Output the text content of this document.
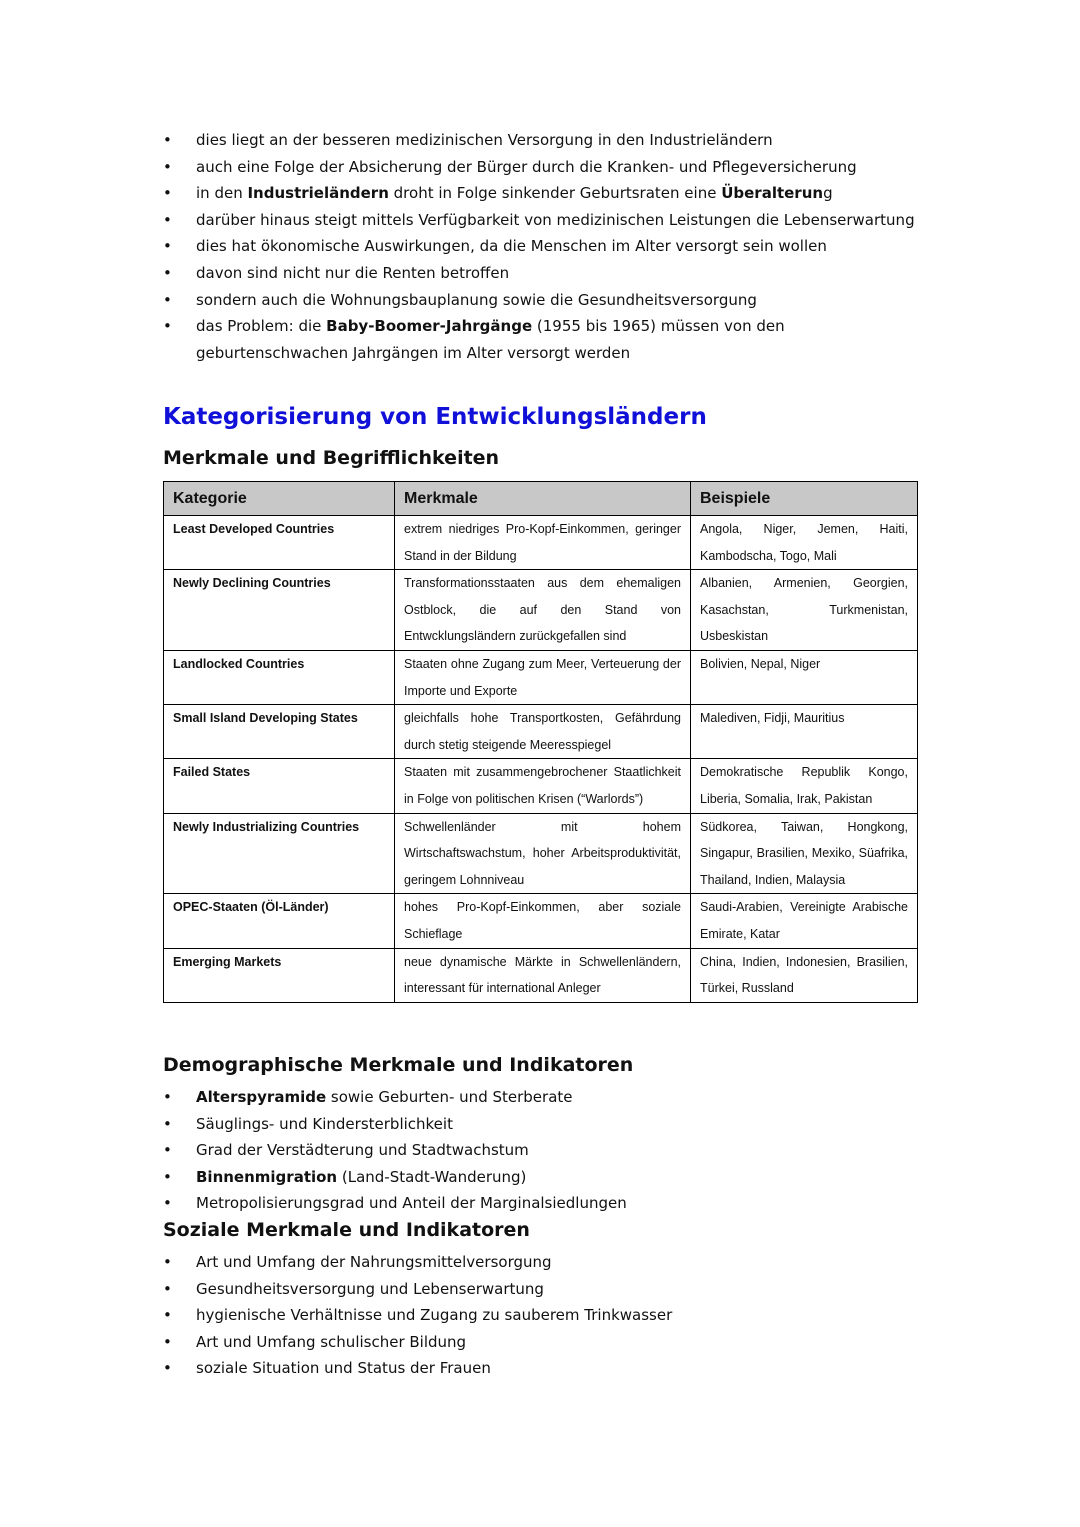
• dies liegt an der besseren medizinischen Versorgung in den Industrieländern
• auch eine Folge der Absicherung der Bürger durch die Kranken- und Pflegeversicherung
• in den Industrieländern droht in Folge sinkender Geburtsraten eine Überalterung
• darüber hinaus steigt mittels Verfügbarkeit von medizinischen Leistungen die Lebenserwartung
• dies hat ökonomische Auswirkungen, da die Menschen im Alter versorgt sein wollen
• davon sind nicht nur die Renten betroffen
• sondern auch die Wohnungsbauplanung sowie die Gesundheitsversorgung
• das Problem: die Baby-Boomer-Jahrgänge (1955 bis 1965) müssen von den geburtenschwachen Jahrgängen im Alter versorgt werden
Kategorisierung von Entwicklungsländern
Merkmale und Begrifflichkeiten
Kategorie	Merkmale	Beispiele
Least Developed Countries	extrem niedriges Pro-Kopf-Einkommen, geringer Stand in der Bildung	Angola, Niger, Jemen, Haiti, Kambodscha, Togo, Mali
Newly Declining Countries	Transformationsstaaten aus dem ehemaligen Ostblock, die auf den Stand von Entwcklungsländern zurückgefallen sind	Albanien, Armenien, Georgien, Kasachstan, Turkmenistan, Usbeskistan
Landlocked Countries	Staaten ohne Zugang zum Meer, Verteuerung der Importe und Exporte	Bolivien, Nepal, Niger
Small Island Developing States	gleichfalls hohe Transportkosten, Gefährdung durch stetig steigende Meeresspiegel	Malediven, Fidji, Mauritius
Failed States	Staaten mit zusammengebrochener Staatlichkeit in Folge von politischen Krisen (“Warlords”)	Demokratische Republik Kongo, Liberia, Somalia, Irak, Pakistan
Newly Industrializing Countries	Schwellenländer mit hohem Wirtschaftswachstum, hoher Arbeitsproduktivität, geringem Lohnniveau	Südkorea, Taiwan, Hongkong, Singapur, Brasilien, Mexiko, Süafrika, Thailand, Indien, Malaysia
OPEC-Staaten (Öl-Länder)	hohes Pro-Kopf-Einkommen, aber soziale Schieflage	Saudi-Arabien, Vereinigte Arabische Emirate, Katar
Emerging Markets	neue dynamische Märkte in Schwellenländern, interessant für international Anleger	China, Indien, Indonesien, Brasilien, Türkei, Russland
Demographische Merkmale und Indikatoren
• Alterspyramide sowie Geburten- und Sterberate
• Säuglings- und Kindersterblichkeit
• Grad der Verstädterung und Stadtwachstum
• Binnenmigration (Land-Stadt-Wanderung)
• Metropolisierungsgrad und Anteil der Marginalsiedlungen
Soziale Merkmale und Indikatoren
• Art und Umfang der Nahrungsmittelversorgung
• Gesundheitsversorgung und Lebenserwartung
• hygienische Verhältnisse und Zugang zu sauberem Trinkwasser
• Art und Umfang schulischer Bildung
• soziale Situation und Status der Frauen
